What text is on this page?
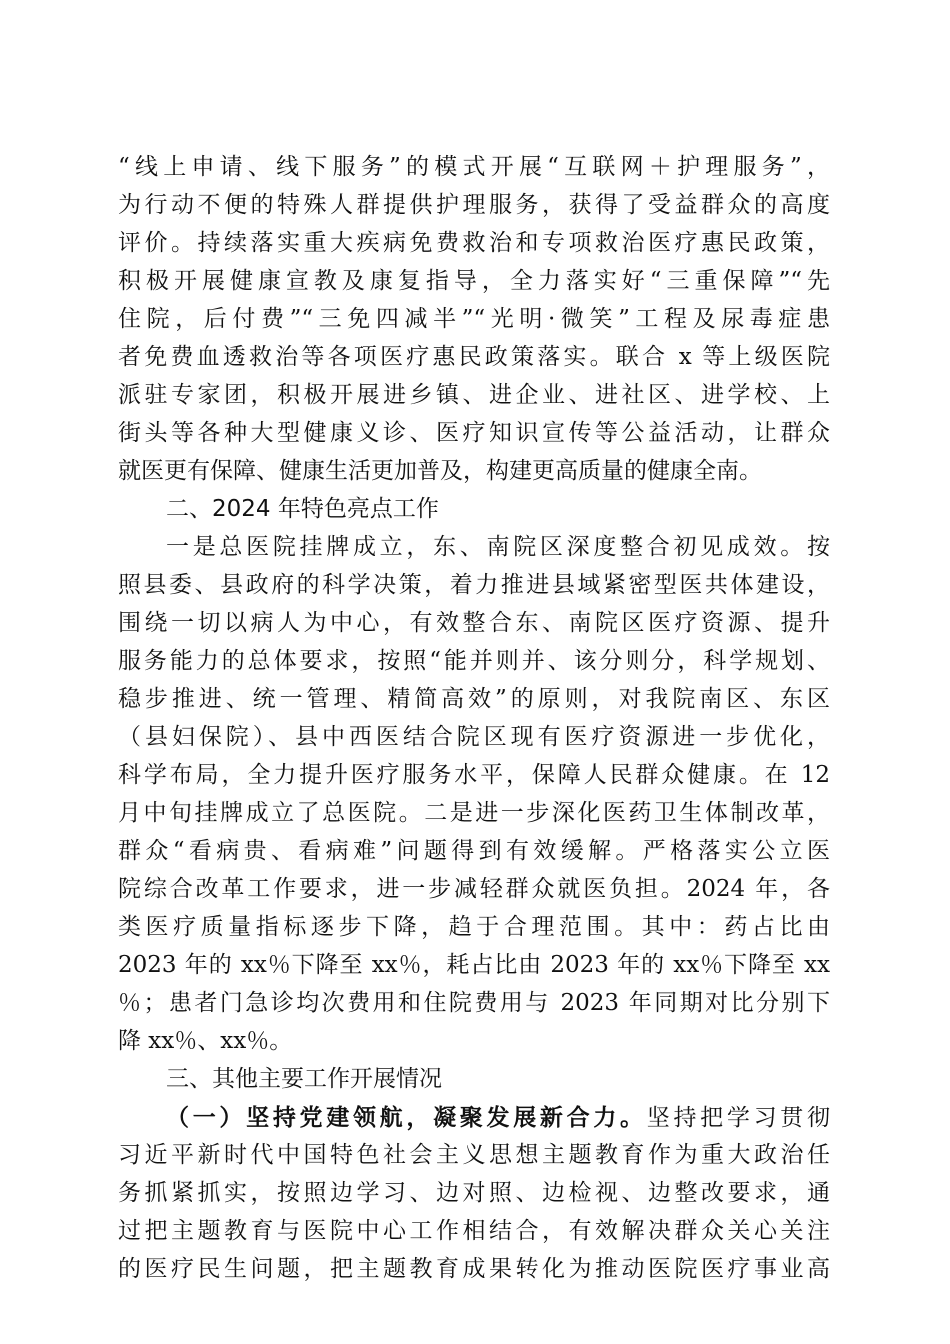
“线上申请、线下服务”的模式开展“互联网＋护理服务”，
为行动不便的特殊人群提供护理服务，获得了受益群众的高度
评价。持续落实重大疾病免费救治和专项救治医疗惠民政策，
积极开展健康宣教及康复指导，全力落实好“三重保障”“先
住院，后付费”“三免四减半”“光明·微笑”工程及尿毒症患
者免费血透救治等各项医疗惠民政策落实。联合 x 等上级医院
派驻专家团，积极开展进乡镇、进企业、进社区、进学校、上
街头等各种大型健康义诊、医疗知识宣传等公益活动，让群众
就医更有保障、健康生活更加普及，构建更高质量的健康全南。
二、2024 年特色亮点工作
一是总医院挂牌成立，东、南院区深度整合初见成效。按
照县委、县政府的科学决策，着力推进县域紧密型医共体建设，
围绕一切以病人为中心，有效整合东、南院区医疗资源、提升
服务能力的总体要求，按照“能并则并、该分则分，科学规划、
稳步推进、统一管理、精简高效”的原则，对我院南区、东区
（县妇保院）、县中西医结合院区现有医疗资源进一步优化，
科学布局，全力提升医疗服务水平，保障人民群众健康。在 12
月中旬挂牌成立了总医院。二是进一步深化医药卫生体制改革，
群众“看病贵、看病难”问题得到有效缓解。严格落实公立医
院综合改革工作要求，进一步减轻群众就医负担。2024 年，各
类医疗质量指标逐步下降，趋于合理范围。其中：药占比由
2023 年的 xx％下降至 xx％，耗占比由 2023 年的 xx％下降至 xx
％；患者门急诊均次费用和住院费用与 2023 年同期对比分别下
降 xx％、xx％。
三、其他主要工作开展情况
（一）坚持党建领航，凝聚发展新合力。坚持把学习贯彻
习近平新时代中国特色社会主义思想主题教育作为重大政治任
务抓紧抓实，按照边学习、边对照、边检视、边整改要求，通
过把主题教育与医院中心工作相结合，有效解决群众关心关注
的医疗民生问题，把主题教育成果转化为推动医院医疗事业高
